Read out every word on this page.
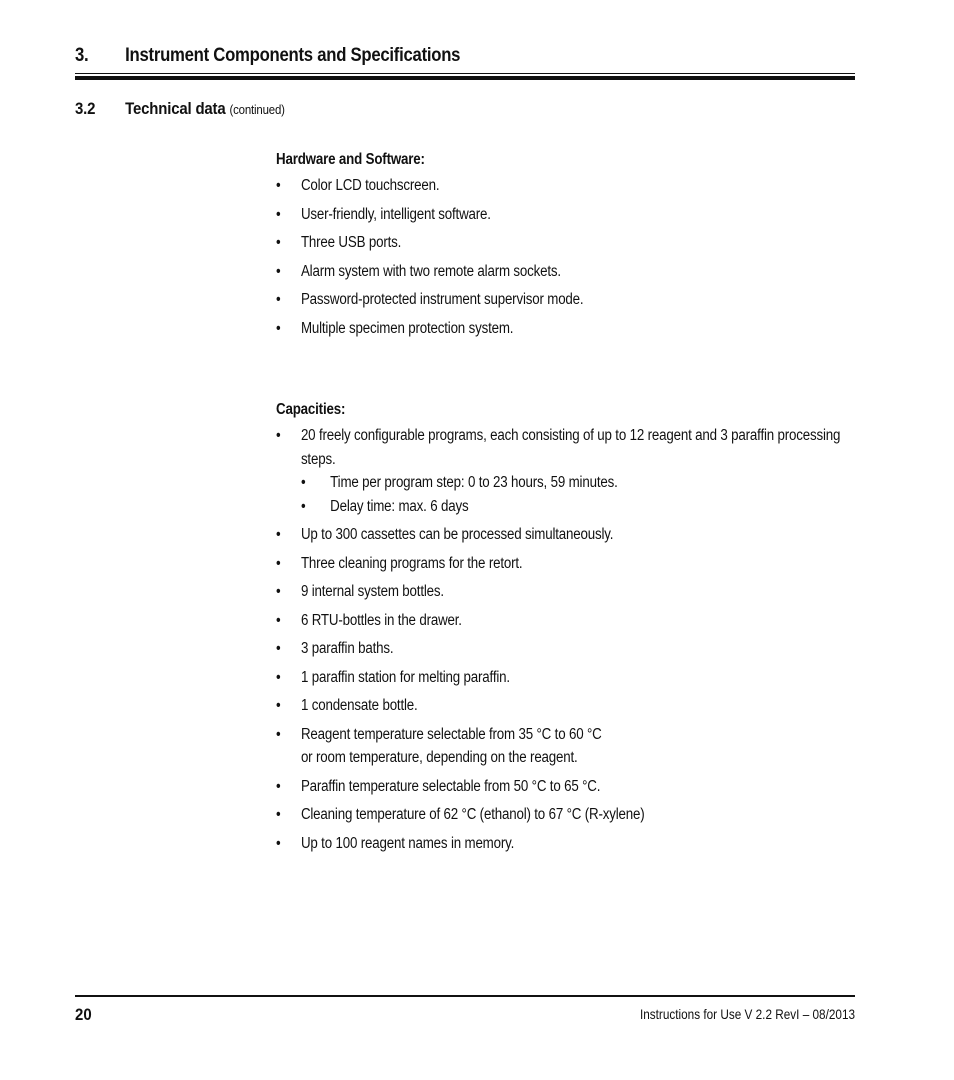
3. Instrument Components and Specifications
3.2 Technical data (continued)
Hardware and Software:
• Color LCD touchscreen.
• User-friendly, intelligent software.
• Three USB ports.
• Alarm system with two remote alarm sockets.
• Password-protected instrument supervisor mode.
• Multiple specimen protection system.
Capacities:
• 20 freely configurable programs, each consisting of up to 12 reagent and 3 paraffin processing steps.
• Time per program step: 0 to 23 hours, 59 minutes.
• Delay time: max. 6 days
• Up to 300 cassettes can be processed simultaneously.
• Three cleaning programs for the retort.
• 9 internal system bottles.
• 6 RTU-bottles in the drawer.
• 3 paraffin baths.
• 1 paraffin station for melting paraffin.
• 1 condensate bottle.
• Reagent temperature selectable from 35 °C to 60 °C
or room temperature, depending on the reagent.
• Paraffin temperature selectable from 50 °C to 65 °C.
• Cleaning temperature of 62 °C (ethanol) to 67 °C (R-xylene)
• Up to 100 reagent names in memory.
20	Instructions for Use V 2.2 RevI – 08/2013
